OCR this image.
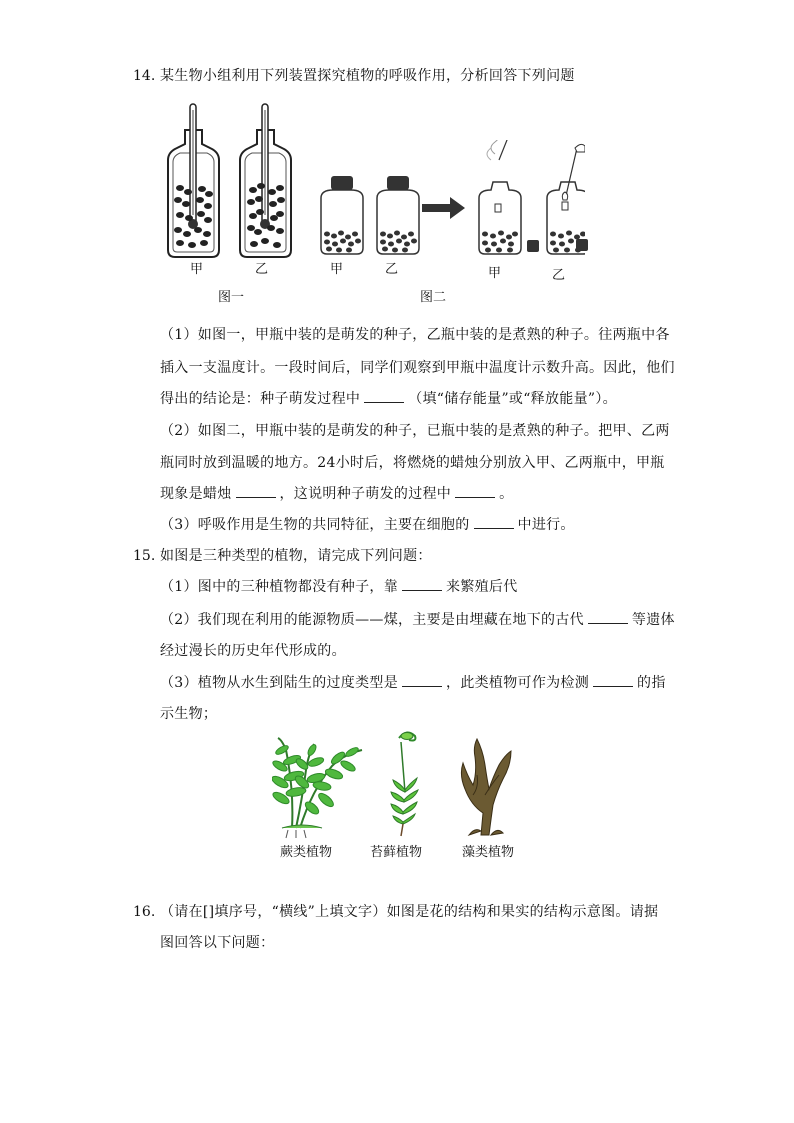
14. 某生物小组利用下列装置探究植物的呼吸作用，分析回答下列问题
甲	乙
图一
甲	乙	甲	乙
图二
（1）如图一，甲瓶中装的是萌发的种子，乙瓶中装的是煮熟的种子。往两瓶中各
插入一支温度计。一段时间后，同学们观察到甲瓶中温度计示数升高。因此，他们
得出的结论是：种子萌发过程中	（填“储存能量”或“释放能量”）。
（2）如图二，甲瓶中装的是萌发的种子，已瓶中装的是煮熟的种子。把甲、乙两
瓶同时放到温暖的地方。24小时后，将燃烧的蜡烛分别放入甲、乙两瓶中，甲瓶
现象是蜡烛	，这说明种子萌发的过程中	。
（3）呼吸作用是生物的共同特征，主要在细胞的	中进行。
15. 如图是三种类型的植物，请完成下列问题：
（1）图中的三种植物都没有种子，靠	来繁殖后代
（2）我们现在利用的能源物质——煤，主要是由埋藏在地下的古代	等遗体
经过漫长的历史年代形成的。
（3）植物从水生到陆生的过度类型是	，此类植物可作为检测	的指
示生物；
蕨类植物	苔藓植物	藻类植物
16. （请在[]填序号，“横线”上填文字）如图是花的结构和果实的结构示意图。请据
图回答以下问题：
